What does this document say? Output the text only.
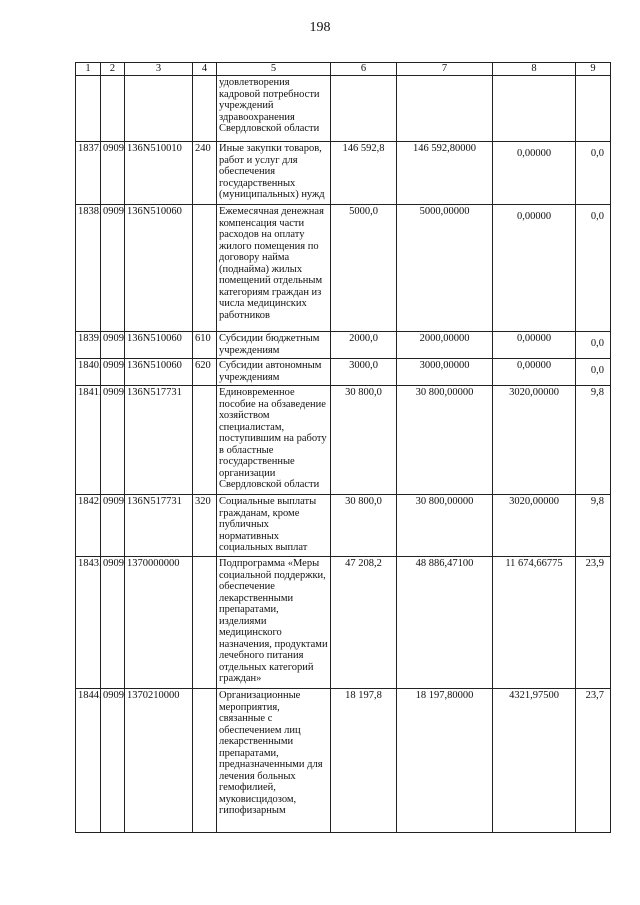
198
1	2	3	4	5	6	7	8	9
				удовлетворения кадровой потребности учреждений здравоохранения Свердловской области				
1837.	0909	136N510010	240	Иные закупки товаров, работ и услуг для обеспечения государственных (муниципальных) нужд	146 592,8	146 592,80000	0,00000	0,0
1838.	0909	136N510060		Ежемесячная денежная компенсация части расходов на оплату жилого помещения по договору найма (поднайма) жилых помещений отдельным категориям граждан из числа медицинских работников	5000,0	5000,00000	0,00000	0,0
1839.	0909	136N510060	610	Субсидии бюджетным учреждениям	2000,0	2000,00000	0,00000	0,0
1840.	0909	136N510060	620	Субсидии автономным учреждениям	3000,0	3000,00000	0,00000	0,0
1841.	0909	136N517731		Единовременное пособие на обзаведение хозяйством специалистам, поступившим на работу в областные государственные организации Свердловской области	30 800,0	30 800,00000	3020,00000	9,8
1842.	0909	136N517731	320	Социальные выплаты гражданам, кроме публичных нормативных социальных выплат	30 800,0	30 800,00000	3020,00000	9,8
1843.	0909	1370000000		Подпрограмма «Меры социальной поддержки, обеспечение лекарственными препаратами, изделиями медицинского назначения, продуктами лечебного питания отдельных категорий граждан»	47 208,2	48 886,47100	11 674,66775	23,9
1844.	0909	1370210000		Организационные мероприятия, связанные с обеспечением лиц лекарственными препаратами, предназначенными для лечения больных гемофилией, муковисцидозом, гипофизарным	18 197,8	18 197,80000	4321,97500	23,7
